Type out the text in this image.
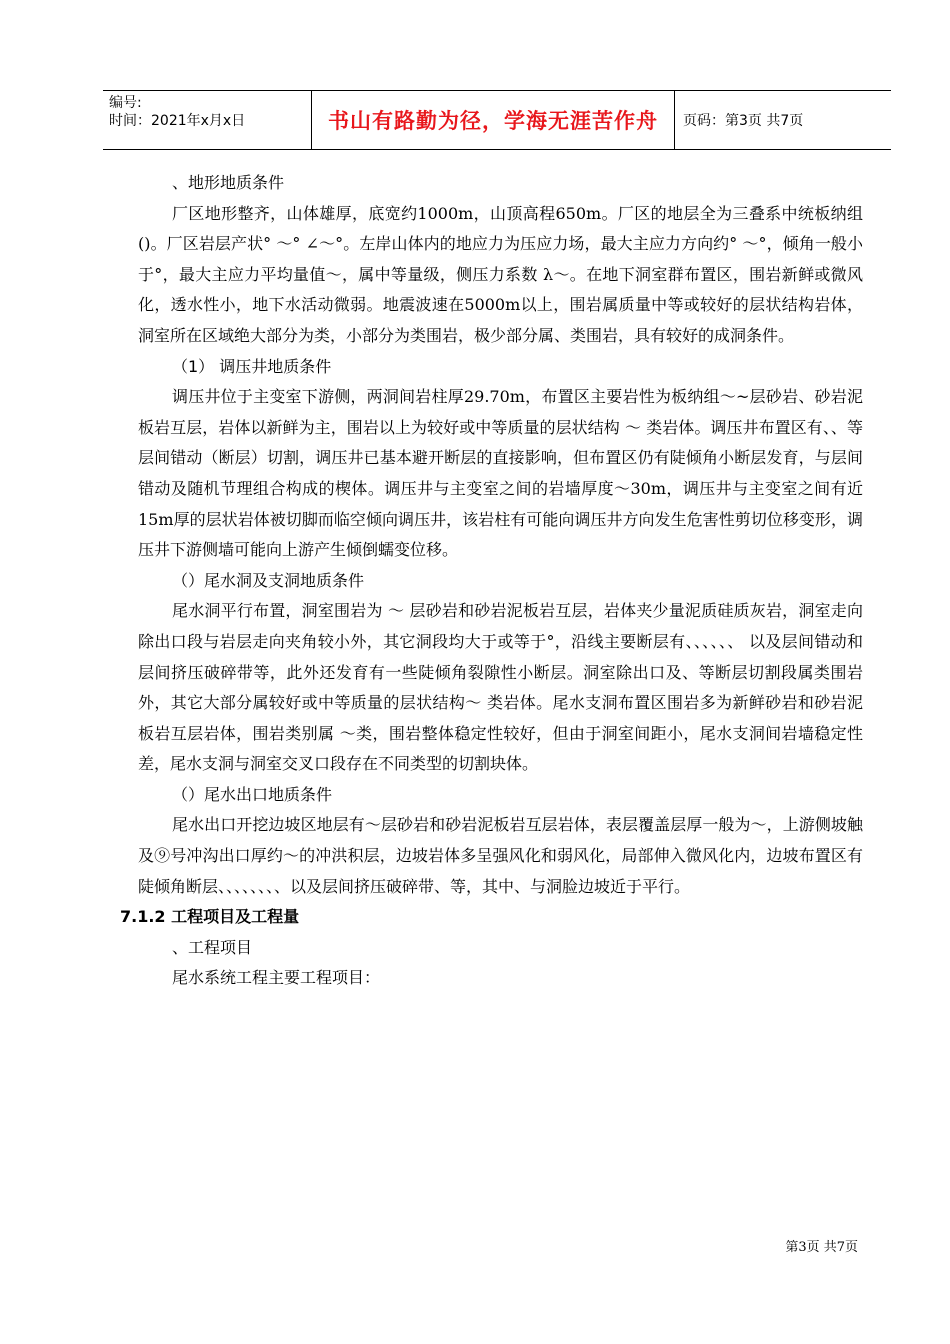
编号:
时间：2021年x月x日	书山有路勤为径，学海无涯苦作舟	页码：第3页 共7页

、地形地质条件

厂区地形整齐，山体雄厚，底宽约1000m，山顶高程650m。厂区的地层全为三叠系中统板纳组()。厂区岩层产状° ～° ∠～°。左岸山体内的地应力为压应力场，最大主应力方向约° ～°，倾角一般小于°，最大主应力平均量值～，属中等量级，侧压力系数 λ～。在地下洞室群布置区，围岩新鲜或微风化，透水性小，地下水活动微弱。地震波速在5000m以上，围岩属质量中等或较好的层状结构岩体，洞室所在区域绝大部分为类，小部分为类围岩，极少部分属、类围岩，具有较好的成洞条件。

（1） 调压井地质条件

调压井位于主变室下游侧，两洞间岩柱厚29.70m，布置区主要岩性为板纳组～~层砂岩、砂岩泥板岩互层，岩体以新鲜为主，围岩以上为较好或中等质量的层状结构 ～ 类岩体。调压井布置区有、、等层间错动（断层）切割，调压井已基本避开断层的直接影响，但布置区仍有陡倾角小断层发育，与层间错动及随机节理组合构成的楔体。调压井与主变室之间的岩墙厚度～30m，调压井与主变室之间有近15m厚的层状岩体被切脚而临空倾向调压井，该岩柱有可能向调压井方向发生危害性剪切位移变形，调压井下游侧墙可能向上游产生倾倒蠕变位移。

（）尾水洞及支洞地质条件

尾水洞平行布置，洞室围岩为 ～ 层砂岩和砂岩泥板岩互层，岩体夹少量泥质硅质灰岩，洞室走向除出口段与岩层走向夹角较小外，其它洞段均大于或等于°，沿线主要断层有、、、、、、 以及层间错动和层间挤压破碎带等，此外还发育有一些陡倾角裂隙性小断层。洞室除出口及、等断层切割段属类围岩外，其它大部分属较好或中等质量的层状结构～ 类岩体。尾水支洞布置区围岩多为新鲜砂岩和砂岩泥板岩互层岩体，围岩类别属 ～类，围岩整体稳定性较好，但由于洞室间距小，尾水支洞间岩墙稳定性差，尾水支洞与洞室交叉口段存在不同类型的切割块体。

（）尾水出口地质条件

尾水出口开挖边坡区地层有～层砂岩和砂岩泥板岩互层岩体，表层覆盖层厚一般为～，上游侧坡触及⑨号冲沟出口厚约～的冲洪积层，边坡岩体多呈强风化和弱风化，局部伸入微风化内，边坡布置区有陡倾角断层、、、、、、、、以及层间挤压破碎带、等，其中、与洞脸边坡近于平行。

7.1.2 工程项目及工程量

、工程项目

尾水系统工程主要工程项目：

第3页 共7页
